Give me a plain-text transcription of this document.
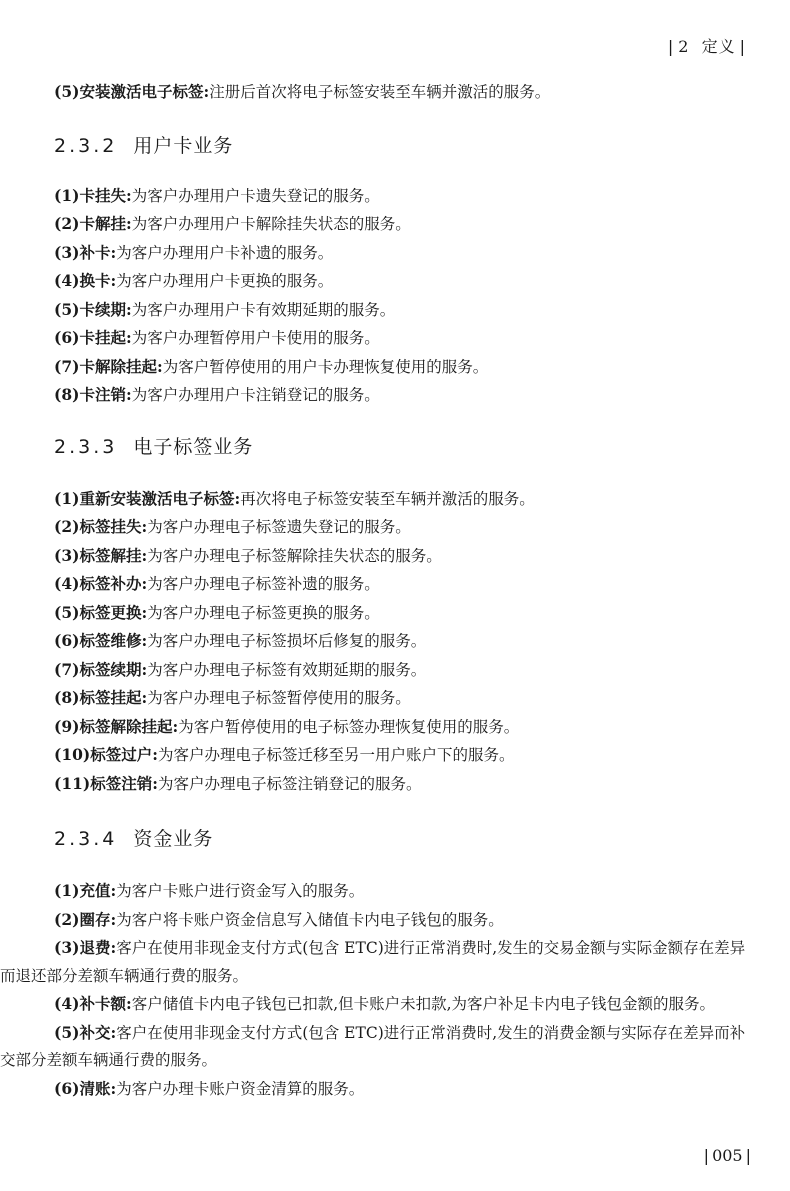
| 2 定义 |

(5)安装激活电子标签:注册后首次将电子标签安装至车辆并激活的服务。

2.3.2 用户卡业务

(1)卡挂失:为客户办理用户卡遗失登记的服务。

(2)卡解挂:为客户办理用户卡解除挂失状态的服务。

(3)补卡:为客户办理用户卡补遗的服务。

(4)换卡:为客户办理用户卡更换的服务。

(5)卡续期:为客户办理用户卡有效期延期的服务。

(6)卡挂起:为客户办理暂停用户卡使用的服务。

(7)卡解除挂起:为客户暂停使用的用户卡办理恢复使用的服务。

(8)卡注销:为客户办理用户卡注销登记的服务。

2.3.3 电子标签业务

(1)重新安装激活电子标签:再次将电子标签安装至车辆并激活的服务。

(2)标签挂失:为客户办理电子标签遗失登记的服务。

(3)标签解挂:为客户办理电子标签解除挂失状态的服务。

(4)标签补办:为客户办理电子标签补遗的服务。

(5)标签更换:为客户办理电子标签更换的服务。

(6)标签维修:为客户办理电子标签损坏后修复的服务。

(7)标签续期:为客户办理电子标签有效期延期的服务。

(8)标签挂起:为客户办理电子标签暂停使用的服务。

(9)标签解除挂起:为客户暂停使用的电子标签办理恢复使用的服务。

(10)标签过户:为客户办理电子标签迁移至另一用户账户下的服务。

(11)标签注销:为客户办理电子标签注销登记的服务。

2.3.4 资金业务

(1)充值:为客户卡账户进行资金写入的服务。

(2)圈存:为客户将卡账户资金信息写入储值卡内电子钱包的服务。

(3)退费:客户在使用非现金支付方式(包含 ETC)进行正常消费时,发生的交易金额与实际金额存在差异而退还部分差额车辆通行费的服务。

(4)补卡额:客户储值卡内电子钱包已扣款,但卡账户未扣款,为客户补足卡内电子钱包金额的服务。

(5)补交:客户在使用非现金支付方式(包含 ETC)进行正常消费时,发生的消费金额与实际存在差异而补交部分差额车辆通行费的服务。

(6)清账:为客户办理卡账户资金清算的服务。

| 005 |
